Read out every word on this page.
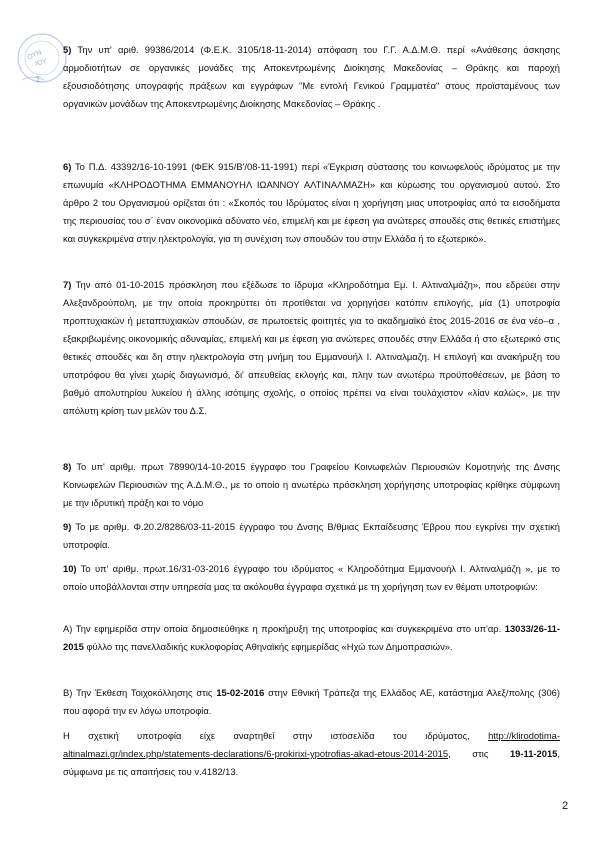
ΟΥΝ
ΙΟΥ
Σ

5) Την υπ' αριθ. 99386/2014 (Φ.Ε.Κ. 3105/18-11-2014) απόφαση του Γ.Γ. Α.Δ.Μ.Θ. περί «Ανάθεσης άσκησης αρμοδιοτήτων σε οργανικές μονάδες της Αποκεντρωμένης Διοίκησης Μακεδονίας – Θράκης και παροχή εξουσιοδότησης υπογραφής πράξεων και εγγράφων "Με εντολή Γενικού Γραμματέα" στους προϊσταμένους των οργανικών μονάδων της Αποκεντρωμένης Διοίκησης Μακεδονίας – Θράκης .

6) Το Π.Δ. 43392/16-10-1991 (ΦΕΚ 915/Β'/08-11-1991) περί «Έγκριση σύστασης του κοινωφελούς ιδρύματος με την επωνυμία «ΚΛΗΡΟΔΟΤΗΜΑ ΕΜΜΑΝΟΥΗΛ ΙΩΑΝΝΟΥ ΑΛΤΙΝΑΛΜΑΖΗ» και κύρωσης του οργανισμού αυτού. Στο άρθρο 2 του Οργανισμού ορίζεται ότι : «Σκοπός του Ιδρύματος είναι η χορήγηση μιας υποτροφίας από τα εισοδήματα της περιουσίας του σ΄ έναν οικονομικά αδύνατο νέο, επιμελή και με έφεση για ανώτερες σπουδές στις θετικές επιστήμες και συγκεκριμένα στην ηλεκτρολογία, για τη συνέχιση των σπουδών του στην Ελλάδα ή το εξωτερικό».

7) Την από 01-10-2015 πρόσκληση που εξέδωσε το ίδρυμα «Κληροδότημα Εμ. Ι. Αλτιναλμάζη», που εδρεύει στην Αλεξανδρούπολη, με την οποία προκηρύττει ότι προτίθεται να χορηγήσει κατόπιν επιλογής, μία (1) υποτροφία προπτυχιακών ή μεταπτυχιακών σπουδών, σε πρωτοετείς φοιτητές για το ακαδημαϊκό έτος 2015-2016 σε ένα νέο–α , εξακριβωμένης οικονομικής αδυναμίας, επιμελή και με έφεση για ανώτερες σπουδές στην Ελλάδα ή στο εξωτερικό στις θετικές σπουδές και δη στην ηλεκτρολογία στη μνήμη του Εμμανουήλ Ι. Αλτιναλμαζη. Η επιλογή και ανακήρυξη του υποτρόφου θα γίνει χωρίς διαγωνισμό, δι' απευθείας εκλογής και, πλην των ανωτέρω προϋποθέσεων, με βάση το βαθμό απολυτηρίου λυκείου ή άλλης ισότιμης σχολής, ο οποίος πρέπει να είναι τουλάχιστον «λίαν καλώς», με την απόλυτη κρίση των μελών του Δ.Σ.

8) Το υπ' αριθμ. πρωτ 78990/14-10-2015 έγγραφο του Γραφείου Κοινωφελών Περιουσιών Κομοτηνής της Δνσης Κοινωφελών Περιουσιών της Α.Δ.Μ.Θ., με το οποίο η ανωτέρω πρόσκληση χορήγησης υποτροφίας κρίθηκε σύμφωνη με την ιδρυτική πράξη και το νόμο

9) Το με αριθμ. Φ.20.2/8286/03-11-2015 έγγραφο του Δνσης Β/θμιας Εκπαίδευσης Έβρου που εγκρίνει την σχετική υποτροφία.

10) Το υπ' αριθμ. πρωτ.16/31-03-2016 έγγραφο του ιδρύματος « Κληροδότημα Εμμανουήλ Ι. Αλτιναλμάζη », με το οποίο υποβάλλονται στην υπηρεσία μας τα ακόλουθα έγγραφα σχετικά με τη χορήγηση των εν θέματι υποτροφιών:

Α) Την εφημερίδα στην οποία δημοσιεύθηκε η προκήρυξη της υποτροφίας και συγκεκριμένα στο υπ'αρ. 13033/26-11-2015 φύλλο της πανελλαδικής κυκλοφορίας Αθηναϊκής εφημερίδας «Ηχώ των Δημοπρασιών».

Β) Την Έκθεση Τοιχοκόλλησης στις 15-02-2016 στην Εθνική Τράπεζα της Ελλάδος ΑΕ, κατάστημα Αλεξ/πολης (306) που αφορά την εν λόγω υποτροφία.

Η σχετική υποτροφία είχε αναρτηθεί στην ιστοσελίδα του ιδρύματος, http://klirodotima-altinalmazi.gr/index.php/statements-declarations/6-prokirixi-ypotrofias-akad-etous-2014-2015, στις 19-11-2015, σύμφωνα με τις απαιτήσεις του ν.4182/13.

2
